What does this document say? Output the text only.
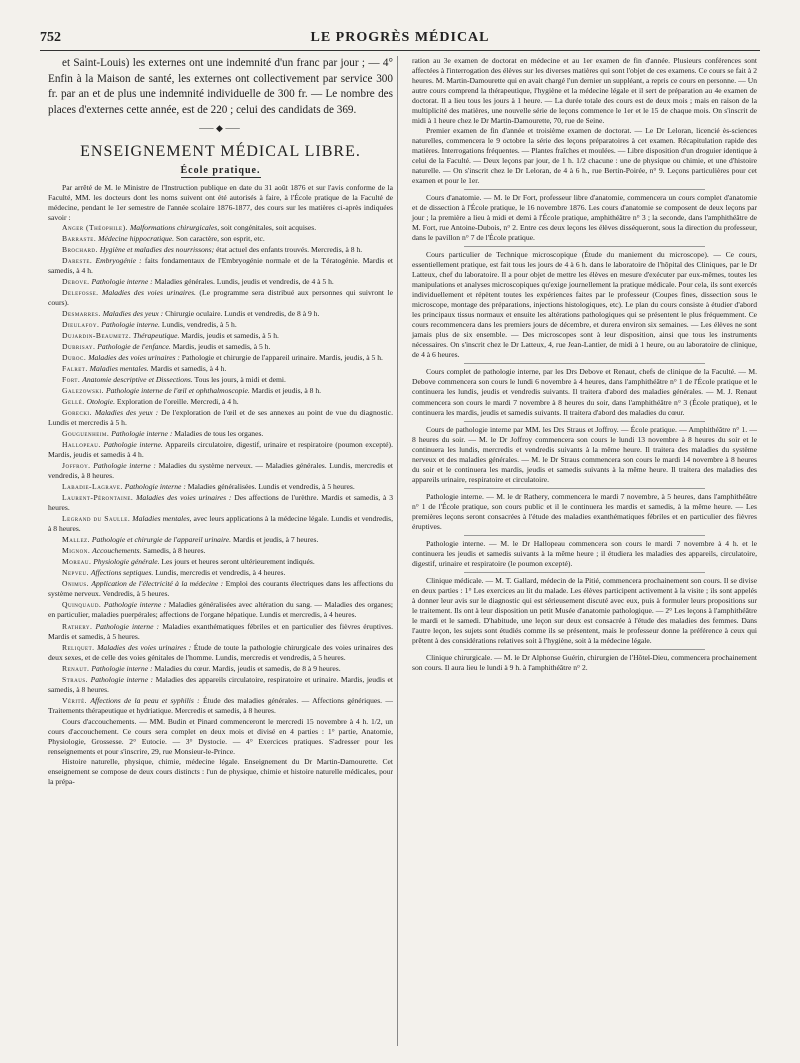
752	LE PROGRÈS MÉDICAL

et Saint-Louis) les externes ont une indemnité d'un franc par jour ; — 4° Enfin à la Maison de santé, les externes ont collectivement par service 300 fr. par an et de plus une indemnité individuelle de 300 fr. — Le nombre des places d'externes cette année, est de 220 ; celui des candidats de 369.

⸺◆⸺
ENSEIGNEMENT MÉDICAL LIBRE.
École pratique.

Par arrêté de M. le Ministre de l'Instruction publique en date du 31 août 1876 et sur l'avis conforme de la Faculté, MM. les docteurs dont les noms suivent ont été autorisés à faire, à l'École pratique de la Faculté de médecine, pendant le 1er semestre de l'année scolaire 1876-1877, des cours sur les matières ci-après indiquées savoir :

Anger (Théophile). Malformations chirurgicales, soit congénitales, soit acquises.

Barraste. Médecine hippocratique. Son caractère, son esprit, etc.

Brochard. Hygiène et maladies des nourrissons; état actuel des enfants trouvés. Mercredis, à 8 h.

Dareste. Embryogénie : faits fondamentaux de l'Embryogénie normale et de la Tératogénie. Mardis et samedis, à 4 h.

Debove. Pathologie interne : Maladies générales. Lundis, jeudis et vendredis, de 4 à 5 h.

Delefosse. Maladies des voies urinaires. (Le programme sera distribué aux personnes qui suivront le cours).

Desmarres. Maladies des yeux : Chirurgie oculaire. Lundis et vendredis, de 8 à 9 h.

Dieulafoy. Pathologie interne. Lundis, vendredis, à 5 h.

Dujardin-Beaumetz. Thérapeutique. Mardis, jeudis et samedis, à 5 h.

Dubrisay. Pathologie de l'enfance. Mardis, jeudis et samedis, à 5 h.

Duboc. Maladies des voies urinaires : Pathologie et chirurgie de l'appareil urinaire. Mardis, jeudis, à 5 h.

Falret. Maladies mentales. Mardis et samedis, à 4 h.

Fort. Anatomie descriptive et Dissections. Tous les jours, à midi et demi.

Galezowski. Pathologie interne de l'œil et ophthalmoscopie. Mardis et jeudis, à 8 h.

Gellé. Otologie. Exploration de l'oreille. Mercredi, à 4 h.

Gorecki. Maladies des yeux : De l'exploration de l'œil et de ses annexes au point de vue du diagnostic. Lundis et mercredis à 5 h.

Gouguenheim. Pathologie interne : Maladies de tous les organes.

Hallopeau. Pathologie interne. Appareils circulatoire, digestif, urinaire et respiratoire (poumon excepté). Mardis, jeudis et samedis à 4 h.

Joffroy. Pathologie interne : Maladies du système nerveux. — Maladies générales. Lundis, mercredis et vendredis, à 8 heures.

Labadie-Lagrave. Pathologie interne : Maladies généralisées. Lundis et vendredis, à 5 heures.

Laurent-Pérontaine. Maladies des voies urinaires : Des affections de l'urèthre. Mardis et samedis, à 3 heures.

Legrand du Saulle. Maladies mentales, avec leurs applications à la médecine légale. Lundis et vendredis, à 8 heures.

Mallez. Pathologie et chirurgie de l'appareil urinaire. Mardis et jeudis, à 7 heures.

Mignon. Accouchements. Samedis, à 8 heures.

Moreau. Physiologie générale. Les jours et heures seront ultérieurement indiqués.

Nepveu. Affections septiques. Lundis, mercredis et vendredis, à 4 heures.

Onimus. Application de l'électricité à la médecine : Emploi des courants électriques dans les affections du système nerveux. Vendredis, à 5 heures.

Quinquaud. Pathologie interne : Maladies généralisées avec altération du sang. — Maladies des organes; en particulier, maladies puerpérales; affections de l'organe hépatique. Lundis et mercredis, à 4 heures.

Rathery. Pathologie interne : Maladies exanthématiques fébriles et en particulier des fièvres éruptives. Mardis et samedis, à 5 heures.

Reliquet. Maladies des voies urinaires : Étude de toute la pathologie chirurgicale des voies urinaires des deux sexes, et de celle des voies génitales de l'homme. Lundis, mercredis et vendredis, à 5 heures.

Renaut. Pathologie interne : Maladies du cœur. Mardis, jeudis et samedis, de 8 à 9 heures.

Straus. Pathologie interne : Maladies des appareils circulatoire, respiratoire et urinaire. Mardis, jeudis et samedis, à 8 heures.

Vérité. Affections de la peau et syphilis : Étude des maladies générales. — Affections génériques. — Traitements thérapeutique et hydriatique. Mercredis et samedis, à 8 heures.

Cours d'accouchements. — MM. Budin et Pinard commenceront le mercredi 15 novembre à 4 h. 1/2, un cours d'accouchement. Ce cours sera complet en deux mois et divisé en 4 parties : 1° partie, Anatomie, Physiologie, Grossesse. 2° Eutocie. — 3° Dystocie. — 4° Exercices pratiques. S'adresser pour les renseignements et pour s'inscrire, 29, rue Monsieur-le-Prince.

Histoire naturelle, physique, chimie, médecine légale. Enseignement du Dr Martin-Damourette. Cet enseignement se compose de deux cours distincts : l'un de physique, chimie et histoire naturelle médicales, pour la prépa-

ration au 3e examen de doctorat en médecine et au 1er examen de fin d'année. Plusieurs conférences sont affectées à l'interrogation des élèves sur les diverses matières qui sont l'objet de ces examens. Ce cours se fait à 2 heures. M. Martin-Damourette qui en avait chargé l'un dernier un suppléant, a repris ce cours en personne. — Un autre cours comprend la thérapeutique, l'hygiène et la médecine légale et il sert de préparation au 4e examen de doctorat. Il a lieu tous les jours à 1 heure. — La durée totale des cours est de deux mois ; mais en raison de la multiplicité des matières, une nouvelle série de leçons commence le 1er et le 15 de chaque mois. On s'inscrit de midi à 1 heure chez le Dr Martin-Damourette, 70, rue de Seine.

Premier examen de fin d'année et troisième examen de doctorat. — Le Dr Leloran, licencié ès-sciences naturelles, commencera le 9 octobre la série des leçons préparatoires à cet examen. Récapitulation rapide des matières. Interrogations fréquentes. — Plantes fraîches et moulées. — Libre disposition d'un droguier identique à celui de la Faculté. — Deux leçons par jour, de 1 h. 1/2 chacune : une de physique ou chimie, et une d'histoire naturelle. — On s'inscrit chez le Dr Leloran, de 4 à 6 h., rue Bertin-Poirée, n° 9. Leçons particulières pour cet examen et pour le 1er.

Cours d'anatomie. — M. le Dr Fort, professeur libre d'anatomie, commencera un cours complet d'anatomie et de dissection à l'École pratique, le 16 novembre 1876. Les cours d'anatomie se composent de deux leçons par jour ; la première a lieu à midi et demi à l'École pratique, amphithéâtre n° 3 ; la seconde, dans l'amphithéâtre de M. Fort, rue Antoine-Dubois, n° 2. Entre ces deux leçons les élèves disséqueront, sous la direction du professeur, dans le pavillon n° 7 de l'École pratique.

Cours particulier de Technique microscopique (Étude du maniement du microscope). — Ce cours, essentiellement pratique, est fait tous les jours de 4 à 6 h. dans le laboratoire de l'hôpital des Cliniques, par le Dr Latteux, chef du laboratoire. Il a pour objet de mettre les élèves en mesure d'exécuter par eux-mêmes, toutes les manipulations et analyses microscopiques qu'exige journellement la pratique médicale. Pour cela, ils sont exercés individuellement et répètent toutes les expériences faites par le professeur (Coupes fines, dissection sous le microscope, montage des préparations, injections histologiques, etc). Le plan du cours consiste à étudier d'abord les principaux tissus normaux et ensuite les altérations pathologiques qui se présentent le plus fréquemment. Ce cours recommencera dans les premiers jours de décembre, et durera environ six semaines. — Les élèves ne sont jamais plus de six ensemble. — Des microscopes sont à leur disposition, ainsi que tous les instruments nécessaires. On s'inscrit chez le Dr Latteux, 4, rue Jean-Lantier, de midi à 1 heure, ou au laboratoire de clinique, de 4 à 6 heures.

Cours complet de pathologie interne, par les Drs Debove et Renaut, chefs de clinique de la Faculté. — M. Debove commencera son cours le lundi 6 novembre à 4 heures, dans l'amphithéâtre n° 1 de l'École pratique et le continuera les lundis, jeudis et vendredis suivants. Il traitera d'abord des maladies générales. — M. J. Renaut commencera son cours le mardi 7 novembre à 8 heures du soir, dans l'amphithéâtre n° 3 (École pratique), et le continuera les mardis, jeudis et samedis suivants. Il traitera d'abord des maladies du cœur.

Cours de pathologie interne par MM. les Drs Straus et Joffroy. — École pratique. — Amphithéâtre n° 1. — 8 heures du soir. — M. le Dr Joffroy commencera son cours le lundi 13 novembre à 8 heures du soir et le continuera les lundis, mercredis et vendredis suivants à la même heure. Il traitera des maladies du système nerveux et des maladies générales. — M. le Dr Straus commencera son cours le mardi 14 novembre à 8 heures du soir et le continuera les mardis, jeudis et samedis suivants à la même heure. Il traitera des maladies des appareils urinaire, respiratoire et circulatoire.

Pathologie interne. — M. le dr Rathery, commencera le mardi 7 novembre, à 5 heures, dans l'amphithéâtre n° 1 de l'École pratique, son cours public et il le continuera les mardis et samedis, à la même heure. — Les premières leçons seront consacrées à l'étude des maladies exanthématiques fébriles et en particulier des fièvres éruptives.

Pathologie interne. — M. le Dr Hallopeau commencera son cours le mardi 7 novembre à 4 h. et le continuera les jeudis et samedis suivants à la même heure ; il étudiera les maladies des appareils, circulatoire, digestif, urinaire et respiratoire (le poumon excepté).

Clinique médicale. — M. T. Gallard, médecin de la Pitié, commencera prochainement son cours. Il se divise en deux parties : 1° Les exercices au lit du malade. Les élèves participent activement à la visite ; ils sont appelés à donner leur avis sur le diagnostic qui est sérieusement discuté avec eux, puis à formuler leurs propositions sur le traitement. Ils ont à leur disposition un petit Musée d'anatomie pathologique. — 2° Les leçons à l'amphithéâtre le mardi et le samedi. D'habitude, une leçon sur deux est consacrée à l'étude des maladies des femmes. Dans l'autre leçon, les sujets sont étudiés comme ils se présentent, mais le professeur donne la préférence à ceux qui prêtent à des considérations relatives soit à l'hygiène, soit à la médecine légale.

Clinique chirurgicale. — M. le Dr Alphonse Guérin, chirurgien de l'Hôtel-Dieu, commencera prochainement son cours. Il aura lieu le lundi à 9 h. à l'amphithéâtre n° 2.
